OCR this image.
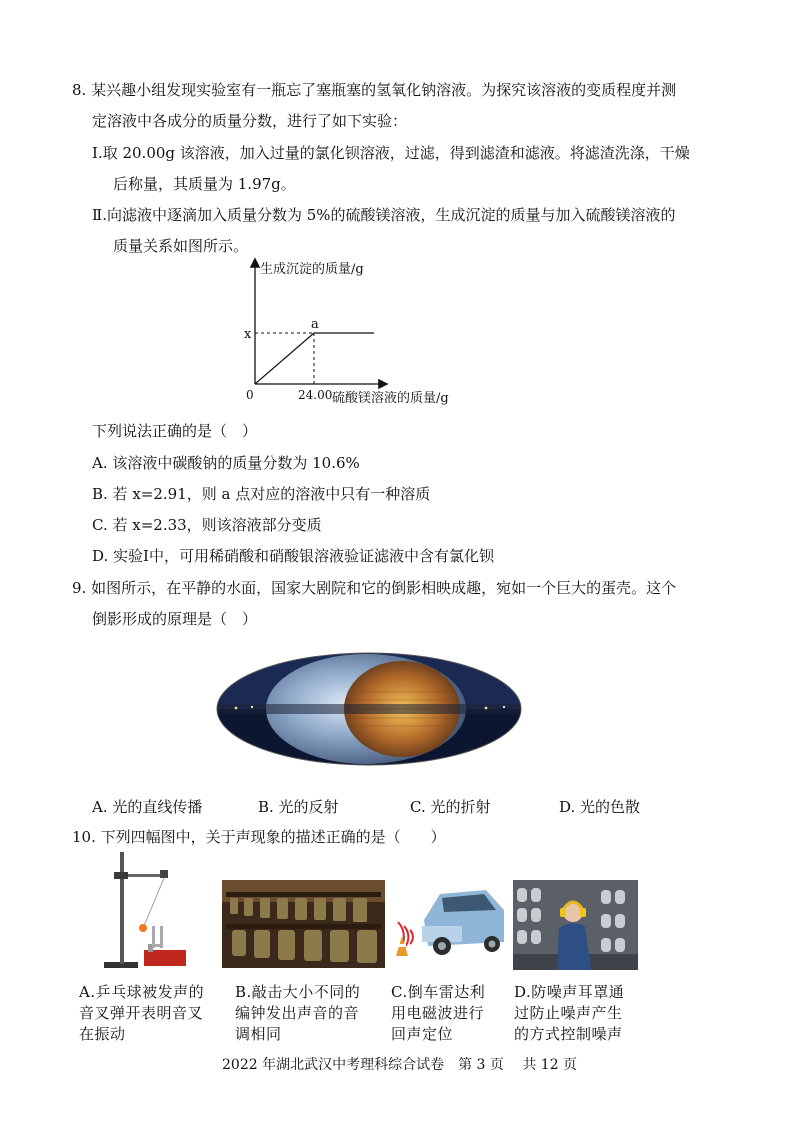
8. 某兴趣小组发现实验室有一瓶忘了塞瓶塞的氢氧化钠溶液。为探究该溶液的变质程度并测
定溶液中各成分的质量分数，进行了如下实验：
Ⅰ.取 20.00g 该溶液，加入过量的氯化钡溶液，过滤，得到滤渣和滤液。将滤渣洗涤，干燥
后称量，其质量为 1.97g。
Ⅱ.向滤液中逐滴加入质量分数为 5%的硫酸镁溶液，生成沉淀的质量与加入硫酸镁溶液的
质量关系如图所示。
生成沉淀的质量/g
硫酸镁溶液的质量/g
0	24.00
x
a
下列说法正确的是（　）
A. 该溶液中碳酸钠的质量分数为 10.6%
B. 若 x=2.91，则 a 点对应的溶液中只有一种溶质
C. 若 x=2.33，则该溶液部分变质
D. 实验Ⅰ中，可用稀硝酸和硝酸银溶液验证滤液中含有氯化钡
9. 如图所示，在平静的水面，国家大剧院和它的倒影相映成趣，宛如一个巨大的蛋壳。这个
倒影形成的原理是（　）
A. 光的直线传播	B. 光的反射	C. 光的折射	D. 光的色散
10. 下列四幅图中，关于声现象的描述正确的是（　　）
A.乒乓球被发声的
音叉弹开表明音叉
在振动
B.敲击大小不同的
编钟发出声音的音
调相同
C.倒车雷达利
用电磁波进行
回声定位
D.防噪声耳罩通
过防止噪声产生
的方式控制噪声
2022 年湖北武汉中考理科综合试卷　第 3 页　 共 12 页
